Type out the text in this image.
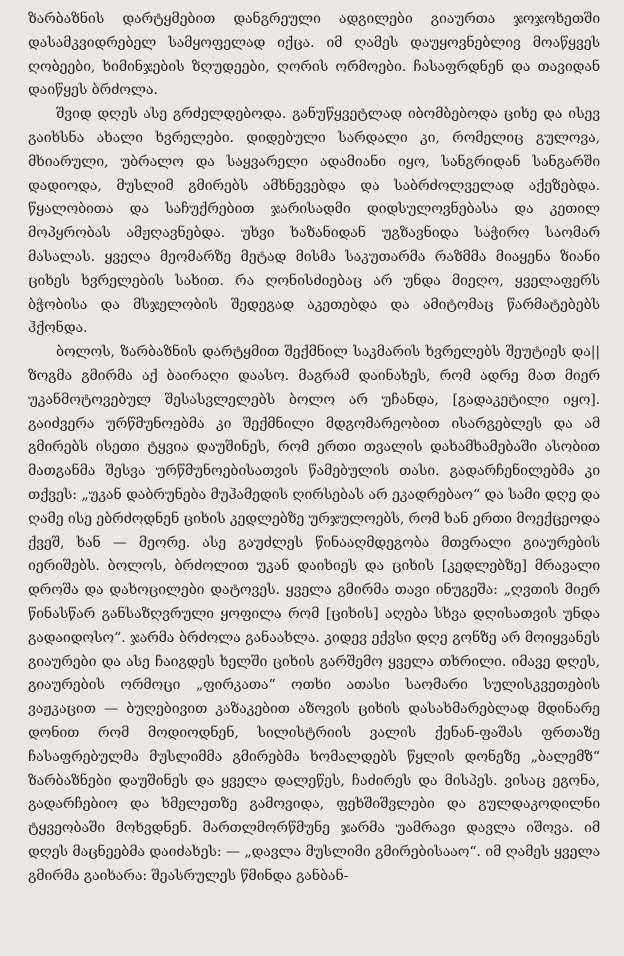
ზარბაზნის დარტყმებით დანგრეული ადგილები გიაურთა ჯოჯოხეთში დასამკვიდრებელ სამყოფელად იქცა. იმ ღამეს დაუყოვნებლივ მოაწყვეს ღობეები, ხიმინჯების ზღუდეები, ღორის ორმოები. ჩასაფრდნენ და თავიდან დაიწყეს ბრძოლა.

შვიდ დღეს ასე გრძელდებოდა. განუწყვეტლად იბომბებოდა ციხე და ისევ გაიხსნა ახალი ხვრელები. დიდებული სარდალი კი, რომელიც გულოვა, მხიარული, უბრალო და საყვარელი ადამიანი იყო, სანგრიდან სანგარში დადიოდა, მუსლიმ გმირებს ამხნევებდა და საბრძოლველად აქეზებდა. წყალობითა და საჩუქრებით ჯარისადმი დიდსულოვნებასა და კეთილ მოპყრობას ამჟღავნებდა. უხვი ხაზანიდან უგზავნიდა საჭირო საომარ მასალას. ყველა მეომარზე მეტად მისმა საკუთარმა რაზმმა მიაყენა ზიანი ციხეს ხვრელების სახით. რა ღონისძიებაც არ უნდა მიეღო, ყველაფერს ბჭობისა და მსჯელობის შედეგად აკეთებდა და ამიტომაც წარმატებებს ჰქონდა.

ბოლოს, ზარბაზნის დარტყმით შექმნილ საკმარის ხვრელებს შეუტიეს და||ზოგმა გმირმა აქ ბაირაღი დაასო. მაგრამ დაინახეს, რომ ადრე მათ მიერ უკანმოტოვებულ შესასვლელებს ბოლო არ უჩანდა, [გადაკეტილი იყო]. გაიძვერა ურწმუნოებმა კი შექმნილი მდგომარეობით ისარგებლეს და ამ გმირებს ისეთი ტყვია დაუშინეს, რომ ერთი თვალის დახამხამებაში ასობით მათგანმა შესვა ურწმუნოებისათვის წამებულის თასი. გადარჩენილებმა კი თქვეს: „უკან დაბრუნება მუჰამედის ღირსებას არ ეკადრებაო“ და სამი დღე და ღამე ისე ებრძოდნენ ციხის კედლებზე ურჯულოებს, რომ ხან ერთი მოექცეოდა ქვეშ, ხან — მეორე. ასე გაუძლეს წინააღმდეგობა მთვრალი გიაურების იერიშებს. ბოლოს, ბრძოლით უკან დაიხიეს და ციხის [კედლებზე] მრავალი დროშა და დახოცილები დატოვეს. ყველა გმირმა თავი ინუგეშა: „ღვთის მიერ წინასწარ განსაზღვრული ყოფილა რომ [ციხის] აღება სხვა დღისათვის უნდა გადაიდოსო“. ჯარმა ბრძოლა განაახლა. კიდევ ექვსი დღე გონზე არ მოიყვანეს გიაურები და ასე ჩაიგდეს ხელში ციხის გარშემო ყველა თხრილი. იმავე დღეს, გიაურების ორმოცი „ფირკათა“ ოთხი ათასი საომარი სულისკვეთების ვაჟკაცით — ბუღებივით კაზაკებით აზოვის ციხის დასახმარებლად მდინარე დონით რომ მოდიოდნენ, სილისტრიის ვალის ქენან-ფაშას ფრთაზე ჩასაფრებულმა მუსლიმმა გმირებმა ხომალდებს წყლის დონეზე „ბალემზ“ ზარბაზნები დაუშინეს და ყველა დალეწეს, ჩაძირეს და მისპეს. ვისაც ეგონა, გადარჩებიო და ხმელეთზე გამოვიდა, ფეხშიშვლები და გულდაკოდილნი ტყვეობაში მოხვდნენ. მართლმორწმუნე ჯარმა უამრავი დავლა იშოვა. იმ დღეს მაცნეებმა დაიძახეს: — „დავლა მუსლიმი გმირებისააო“. იმ ღამეს ყველა გმირმა გაიხარა: შეასრულეს წმინდა განბან-
